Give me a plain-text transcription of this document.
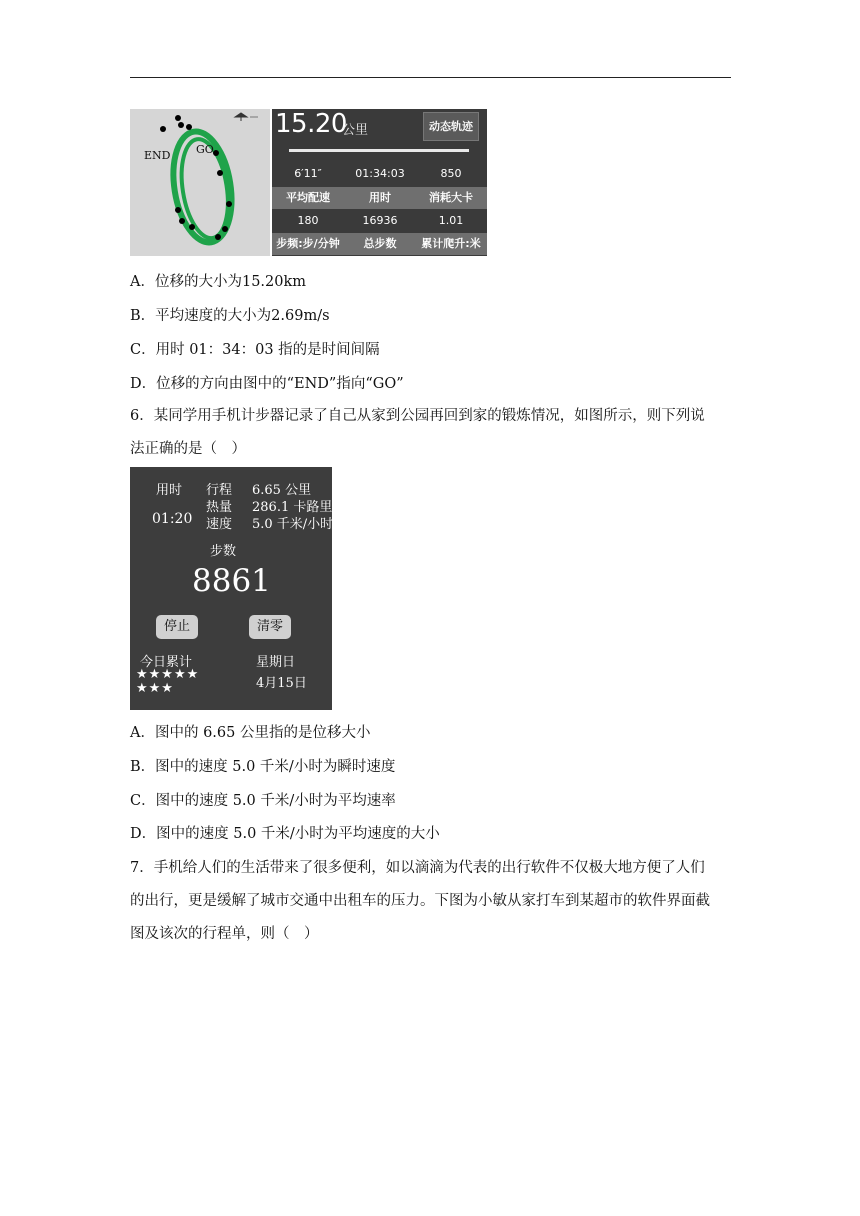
END GO
15.20
公里	动态轨迹
6′11″	01:34:03	850
平均配速	用时	消耗大卡
180	16936	1.01
步频:步/分钟	总步数	累计爬升:米
A．位移的大小为15.20km
B．平均速度的大小为2.69m/s
C．用时 01：34：03 指的是时间间隔
D．位移的方向由图中的“END”指向“GO”
6．某同学用手机计步器记录了自己从家到公园再回到家的锻炼情况，如图所示，则下列说
法正确的是（　）
用时
01:20
行程 6.65 公里
热量 286.1 卡路里
速度 5.0 千米/小时
步数
8861
停止	清零
今日累计
★★★★★
★★★
星期日
4月15日
A．图中的 6.65 公里指的是位移大小
B．图中的速度 5.0 千米/小时为瞬时速度
C．图中的速度 5.0 千米/小时为平均速率
D．图中的速度 5.0 千米/小时为平均速度的大小
7．手机给人们的生活带来了很多便利，如以滴滴为代表的出行软件不仅极大地方便了人们
的出行，更是缓解了城市交通中出租车的压力。下图为小敏从家打车到某超市的软件界面截
图及该次的行程单，则（　）
